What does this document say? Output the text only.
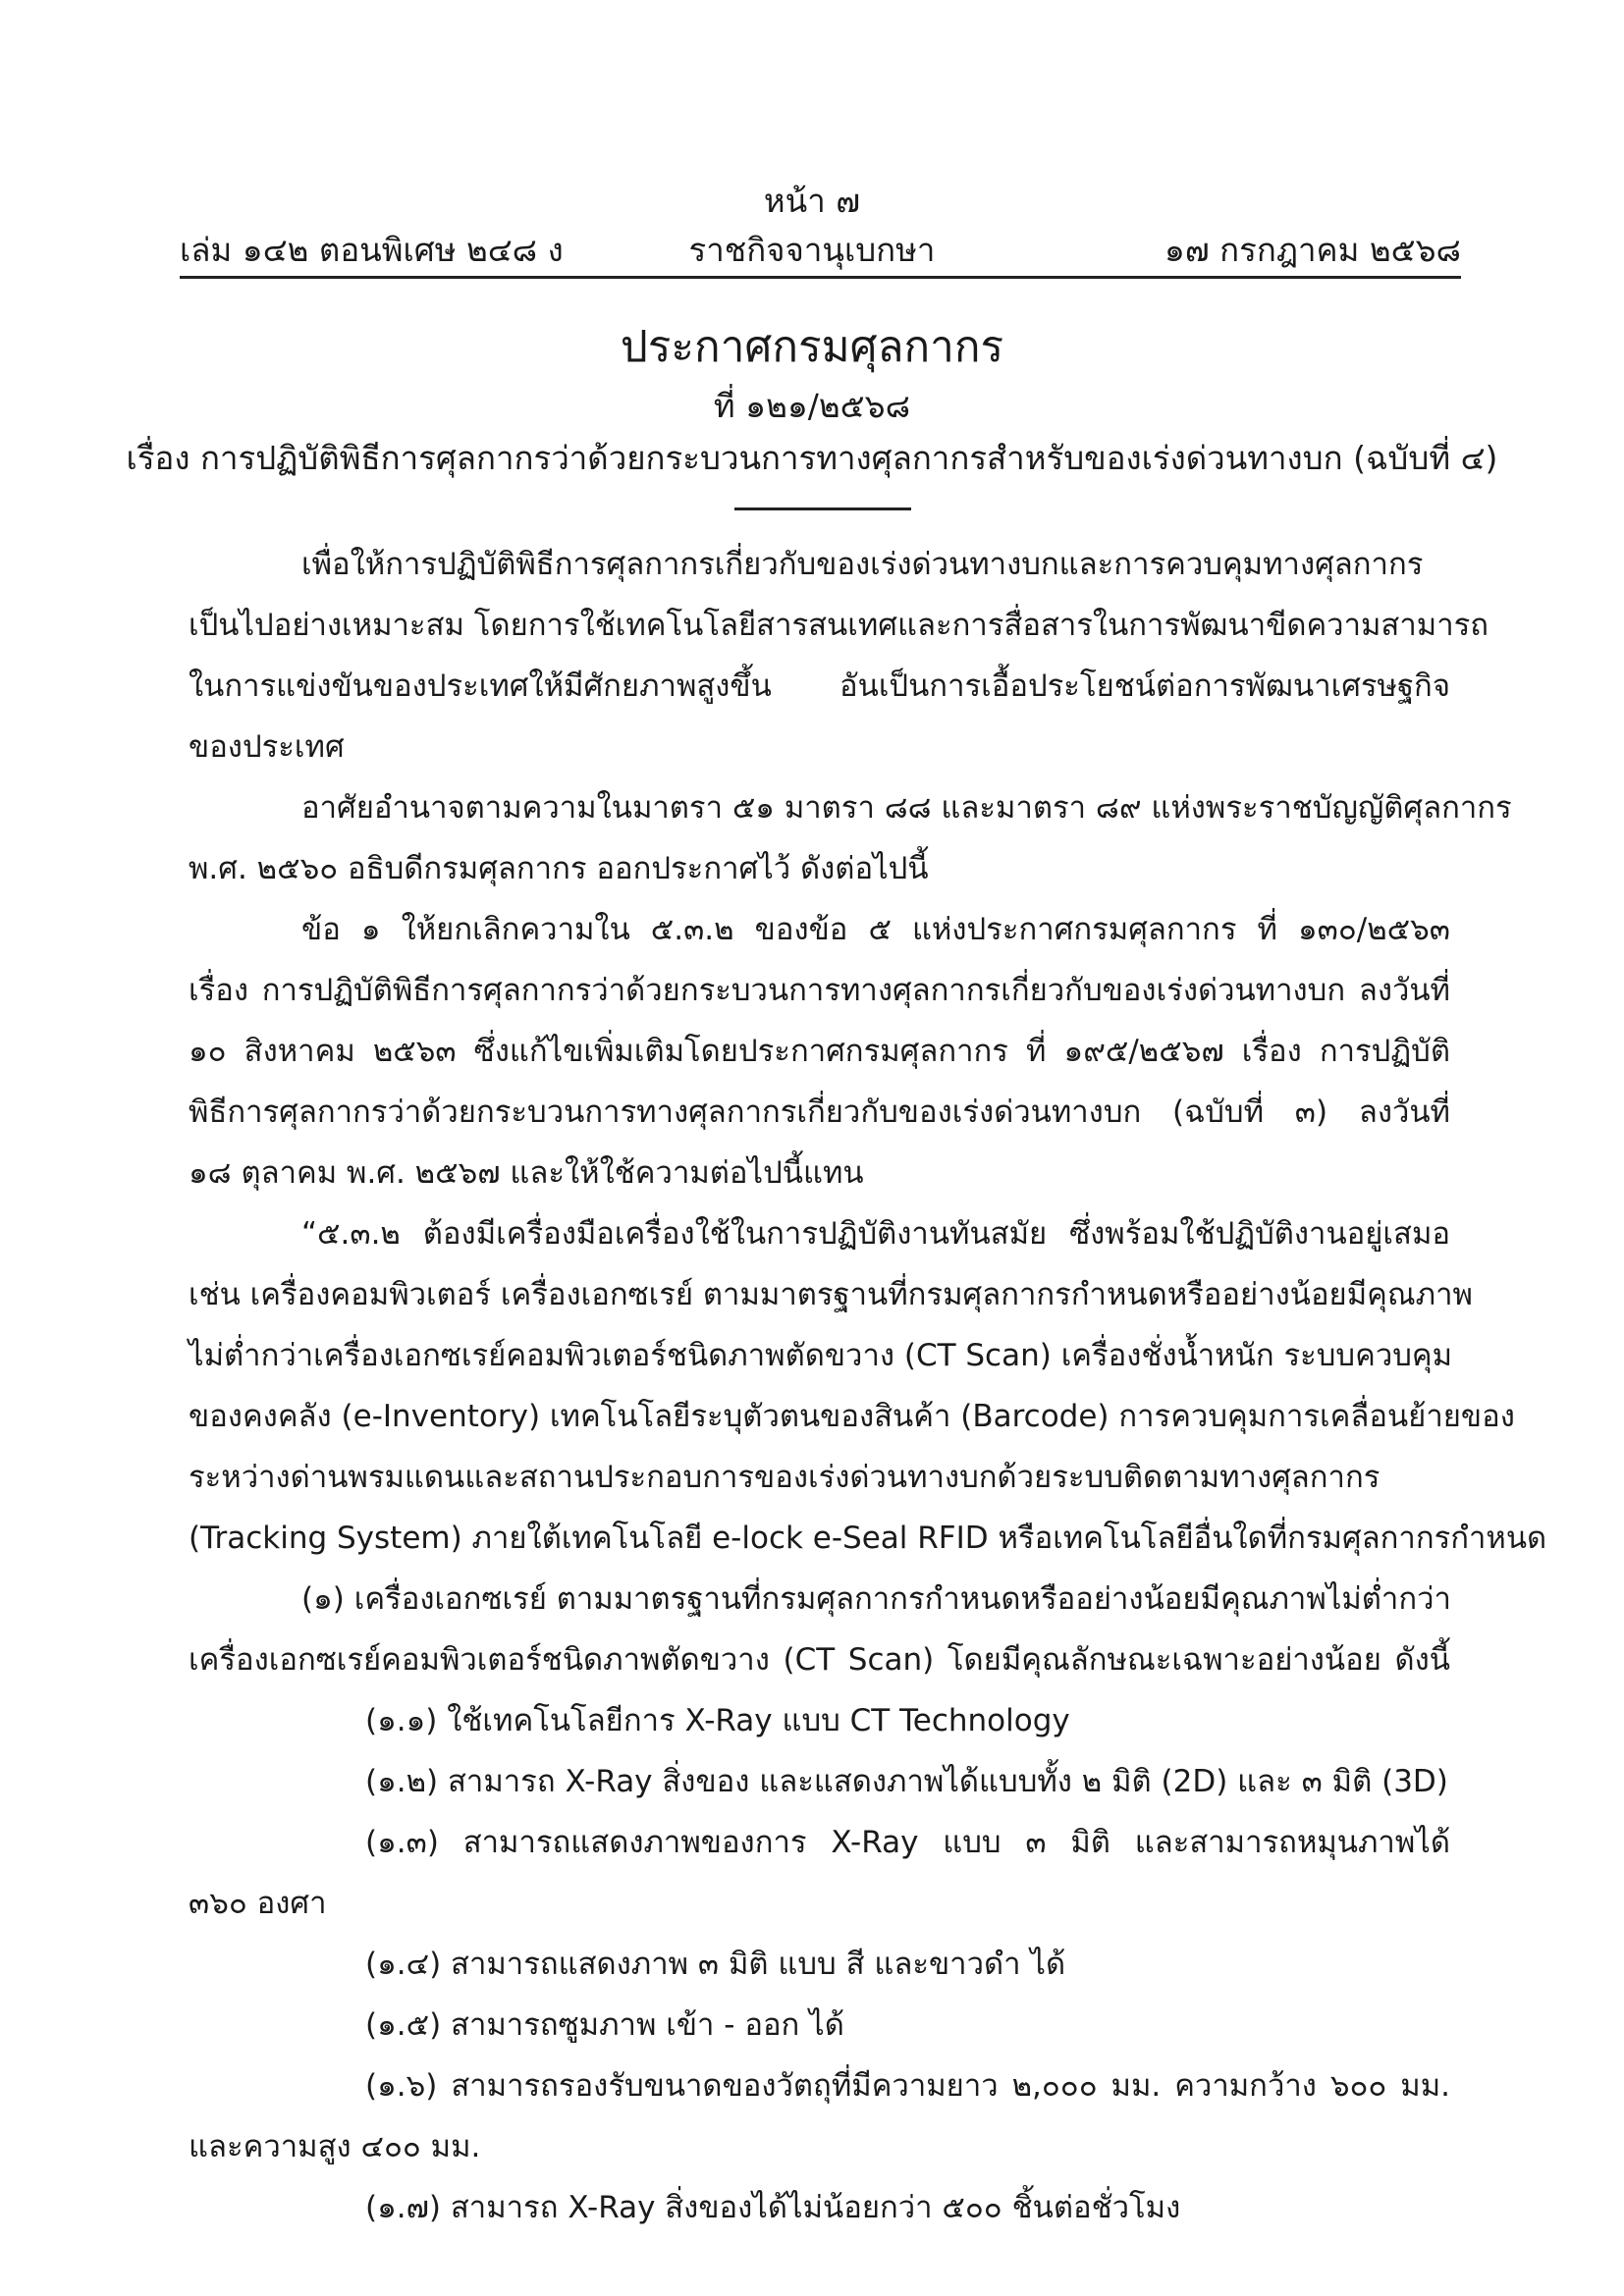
หน้า ๗
เล่ม ๑๔๒ ตอนพิเศษ ๒๔๘ ง	ราชกิจจานุเบกษา	๑๗ กรกฎาคม ๒๕๖๘
ประกาศกรมศุลกากร
ที่ ๑๒๑/๒๕๖๘
เรื่อง การปฏิบัติพิธีการศุลกากรว่าด้วยกระบวนการทางศุลกากรสำหรับของเร่งด่วนทางบก (ฉบับที่ ๔)
เพื่อให้การปฏิบัติพิธีการศุลกากรเกี่ยวกับของเร่งด่วนทางบกและการควบคุมทางศุลกากร
เป็นไปอย่างเหมาะสม โดยการใช้เทคโนโลยีสารสนเทศและการสื่อสารในการพัฒนาขีดความสามารถ
ในการแข่งขันของประเทศให้มีศักยภาพสูงขึ้น อันเป็นการเอื้อประโยชน์ต่อการพัฒนาเศรษฐกิจ
ของประเทศ
อาศัยอำนาจตามความในมาตรา ๕๑ มาตรา ๘๘ และมาตรา ๘๙ แห่งพระราชบัญญัติศุลกากร
พ.ศ. ๒๕๖๐ อธิบดีกรมศุลกากร ออกประกาศไว้ ดังต่อไปนี้
ข้อ ๑ ให้ยกเลิกความใน ๕.๓.๒ ของข้อ ๕ แห่งประกาศกรมศุลกากร ที่ ๑๓๐/๒๕๖๓
เรื่อง การปฏิบัติพิธีการศุลกากรว่าด้วยกระบวนการทางศุลกากรเกี่ยวกับของเร่งด่วนทางบก ลงวันที่
๑๐ สิงหาคม ๒๕๖๓ ซึ่งแก้ไขเพิ่มเติมโดยประกาศกรมศุลกากร ที่ ๑๙๕/๒๕๖๗ เรื่อง การปฏิบัติ
พิธีการศุลกากรว่าด้วยกระบวนการทางศุลกากรเกี่ยวกับของเร่งด่วนทางบก (ฉบับที่ ๓) ลงวันที่
๑๘ ตุลาคม พ.ศ. ๒๕๖๗ และให้ใช้ความต่อไปนี้แทน
“๕.๓.๒ ต้องมีเครื่องมือเครื่องใช้ในการปฏิบัติงานทันสมัย ซึ่งพร้อมใช้ปฏิบัติงานอยู่เสมอ
เช่น เครื่องคอมพิวเตอร์ เครื่องเอกซเรย์ ตามมาตรฐานที่กรมศุลกากรกำหนดหรืออย่างน้อยมีคุณภาพ
ไม่ต่ำกว่าเครื่องเอกซเรย์คอมพิวเตอร์ชนิดภาพตัดขวาง (CT Scan) เครื่องชั่งน้ำหนัก ระบบควบคุม
ของคงคลัง (e-Inventory) เทคโนโลยีระบุตัวตนของสินค้า (Barcode) การควบคุมการเคลื่อนย้ายของ
ระหว่างด่านพรมแดนและสถานประกอบการของเร่งด่วนทางบกด้วยระบบติดตามทางศุลกากร
(Tracking System) ภายใต้เทคโนโลยี e-lock e-Seal RFID หรือเทคโนโลยีอื่นใดที่กรมศุลกากรกำหนด
(๑) เครื่องเอกซเรย์ ตามมาตรฐานที่กรมศุลกากรกำหนดหรืออย่างน้อยมีคุณภาพไม่ต่ำกว่า
เครื่องเอกซเรย์คอมพิวเตอร์ชนิดภาพตัดขวาง (CT Scan) โดยมีคุณลักษณะเฉพาะอย่างน้อย ดังนี้
(๑.๑) ใช้เทคโนโลยีการ X-Ray แบบ CT Technology
(๑.๒) สามารถ X-Ray สิ่งของ และแสดงภาพได้แบบทั้ง ๒ มิติ (2D) และ ๓ มิติ (3D)
(๑.๓) สามารถแสดงภาพของการ X-Ray แบบ ๓ มิติ และสามารถหมุนภาพได้
๓๖๐ องศา
(๑.๔) สามารถแสดงภาพ ๓ มิติ แบบ สี และขาวดำ ได้
(๑.๕) สามารถซูมภาพ เข้า - ออก ได้
(๑.๖) สามารถรองรับขนาดของวัตถุที่มีความยาว ๒,๐๐๐ มม. ความกว้าง ๖๐๐ มม.
และความสูง ๔๐๐ มม.
(๑.๗) สามารถ X-Ray สิ่งของได้ไม่น้อยกว่า ๕๐๐ ชิ้นต่อชั่วโมง
